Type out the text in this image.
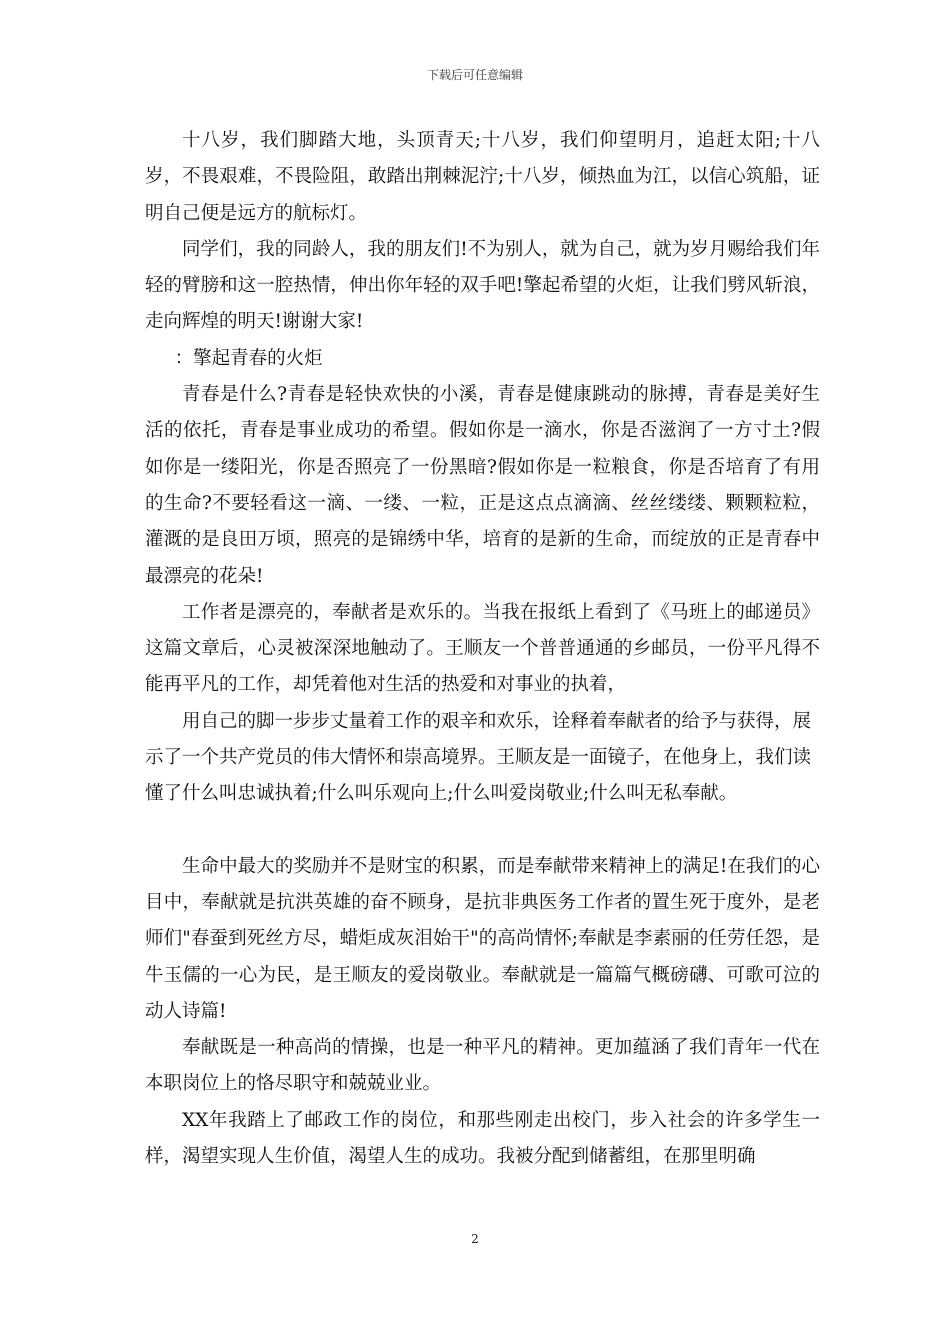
下载后可任意编辑

十八岁，我们脚踏大地，头顶青天;十八岁，我们仰望明月，追赶太阳;十八岁，不畏艰难，不畏险阻，敢踏出荆棘泥泞;十八岁，倾热血为江，以信心筑船，证明自己便是远方的航标灯。

同学们，我的同龄人，我的朋友们!不为别人，就为自己，就为岁月赐给我们年轻的臂膀和这一腔热情，伸出你年轻的双手吧!擎起希望的火炬，让我们劈风斩浪，走向辉煌的明天!谢谢大家!

：擎起青春的火炬

青春是什么?青春是轻快欢快的小溪，青春是健康跳动的脉搏，青春是美好生活的依托，青春是事业成功的希望。假如你是一滴水，你是否滋润了一方寸土?假如你是一缕阳光，你是否照亮了一份黑暗?假如你是一粒粮食，你是否培育了有用的生命?不要轻看这一滴、一缕、一粒，正是这点点滴滴、丝丝缕缕、颗颗粒粒，灌溉的是良田万顷，照亮的是锦绣中华，培育的是新的生命，而绽放的正是青春中最漂亮的花朵!

工作者是漂亮的，奉献者是欢乐的。当我在报纸上看到了《马班上的邮递员》这篇文章后，心灵被深深地触动了。王顺友一个普普通通的乡邮员，一份平凡得不能再平凡的工作，却凭着他对生活的热爱和对事业的执着，

用自己的脚一步步丈量着工作的艰辛和欢乐，诠释着奉献者的给予与获得，展示了一个共产党员的伟大情怀和崇高境界。王顺友是一面镜子，在他身上，我们读懂了什么叫忠诚执着;什么叫乐观向上;什么叫爱岗敬业;什么叫无私奉献。

生命中最大的奖励并不是财宝的积累，而是奉献带来精神上的满足!在我们的心目中，奉献就是抗洪英雄的奋不顾身，是抗非典医务工作者的置生死于度外，是老师们"春蚕到死丝方尽，蜡炬成灰泪始干"的高尚情怀;奉献是李素丽的任劳任怨，是牛玉儒的一心为民，是王顺友的爱岗敬业。奉献就是一篇篇气概磅礴、可歌可泣的动人诗篇!

奉献既是一种高尚的情操，也是一种平凡的精神。更加蕴涵了我们青年一代在本职岗位上的恪尽职守和兢兢业业。

XX年我踏上了邮政工作的岗位，和那些刚走出校门，步入社会的许多学生一样，渴望实现人生价值，渴望人生的成功。我被分配到储蓄组，在那里明确

2
